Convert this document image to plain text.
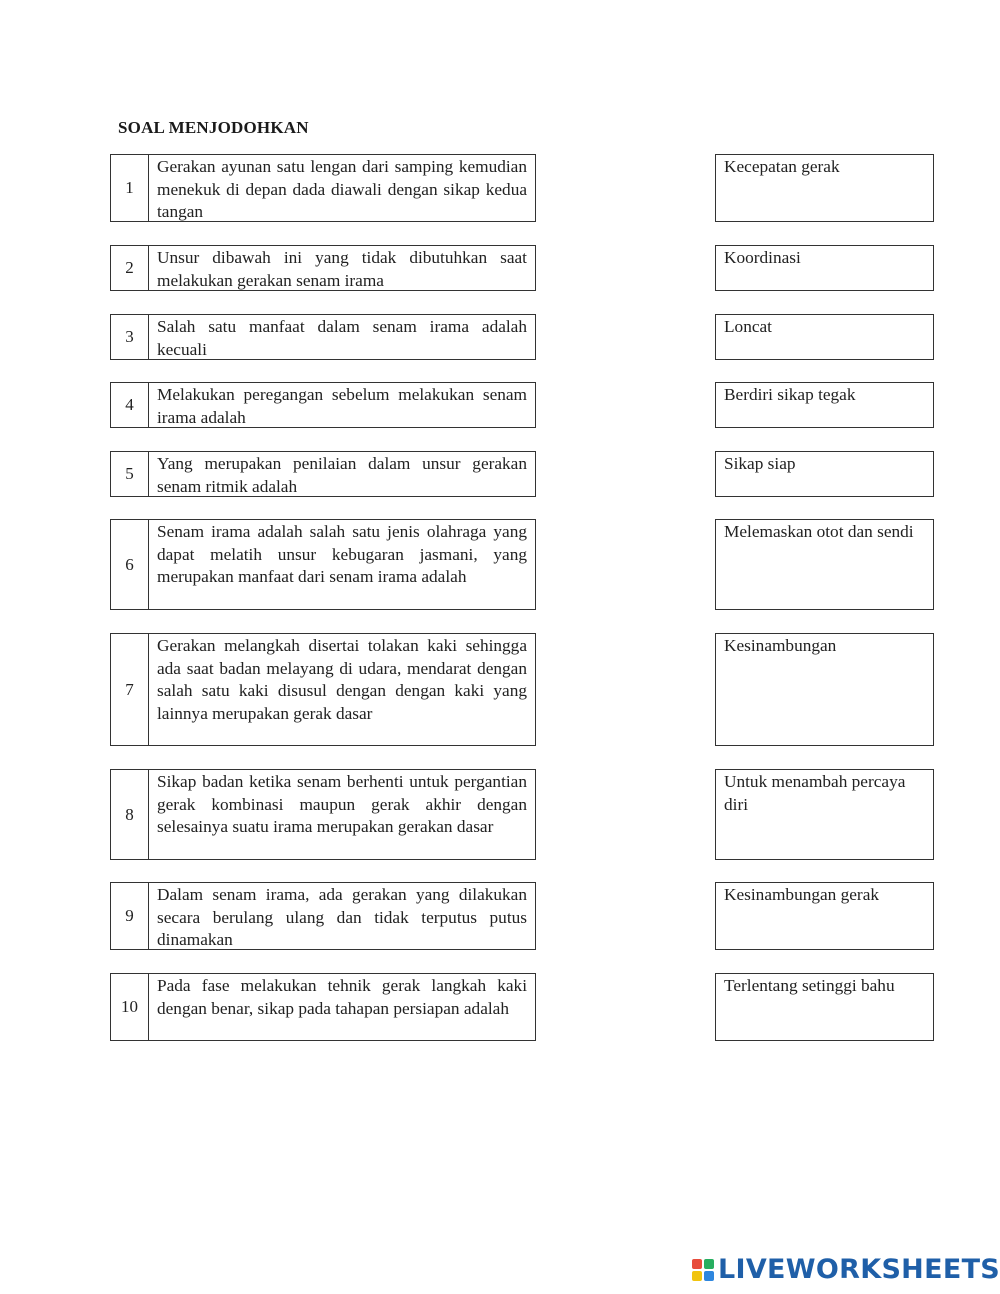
SOAL MENJODOHKAN
1
Gerakan ayunan satu lengan dari samping kemudian menekuk di depan dada diawali dengan sikap kedua tangan
2
Unsur dibawah ini yang tidak dibutuhkan saat melakukan gerakan senam irama
3
Salah satu manfaat dalam senam irama adalah kecuali
4
Melakukan peregangan sebelum melakukan senam irama adalah
5
Yang merupakan penilaian dalam unsur gerakan senam ritmik adalah
6
Senam irama adalah salah satu jenis olahraga yang dapat melatih unsur kebugaran jasmani, yang merupakan manfaat dari senam irama adalah
7
Gerakan melangkah disertai tolakan kaki sehingga ada saat badan melayang di udara, mendarat dengan salah satu kaki disusul dengan dengan kaki yang lainnya merupakan gerak dasar
8
Sikap badan ketika senam berhenti untuk pergantian gerak kombinasi maupun gerak akhir dengan selesainya suatu irama merupakan gerakan dasar
9
Dalam senam irama, ada gerakan yang dilakukan secara berulang ulang dan tidak terputus putus dinamakan
10
Pada fase melakukan tehnik gerak langkah kaki dengan benar, sikap pada tahapan persiapan adalah
Kecepatan gerak
Koordinasi
Loncat
Berdiri sikap tegak
Sikap siap
Melemaskan otot dan sendi
Kesinambungan
Untuk menambah percaya diri
Kesinambungan gerak
Terlentang setinggi bahu
LIVEWORKSHEETS
